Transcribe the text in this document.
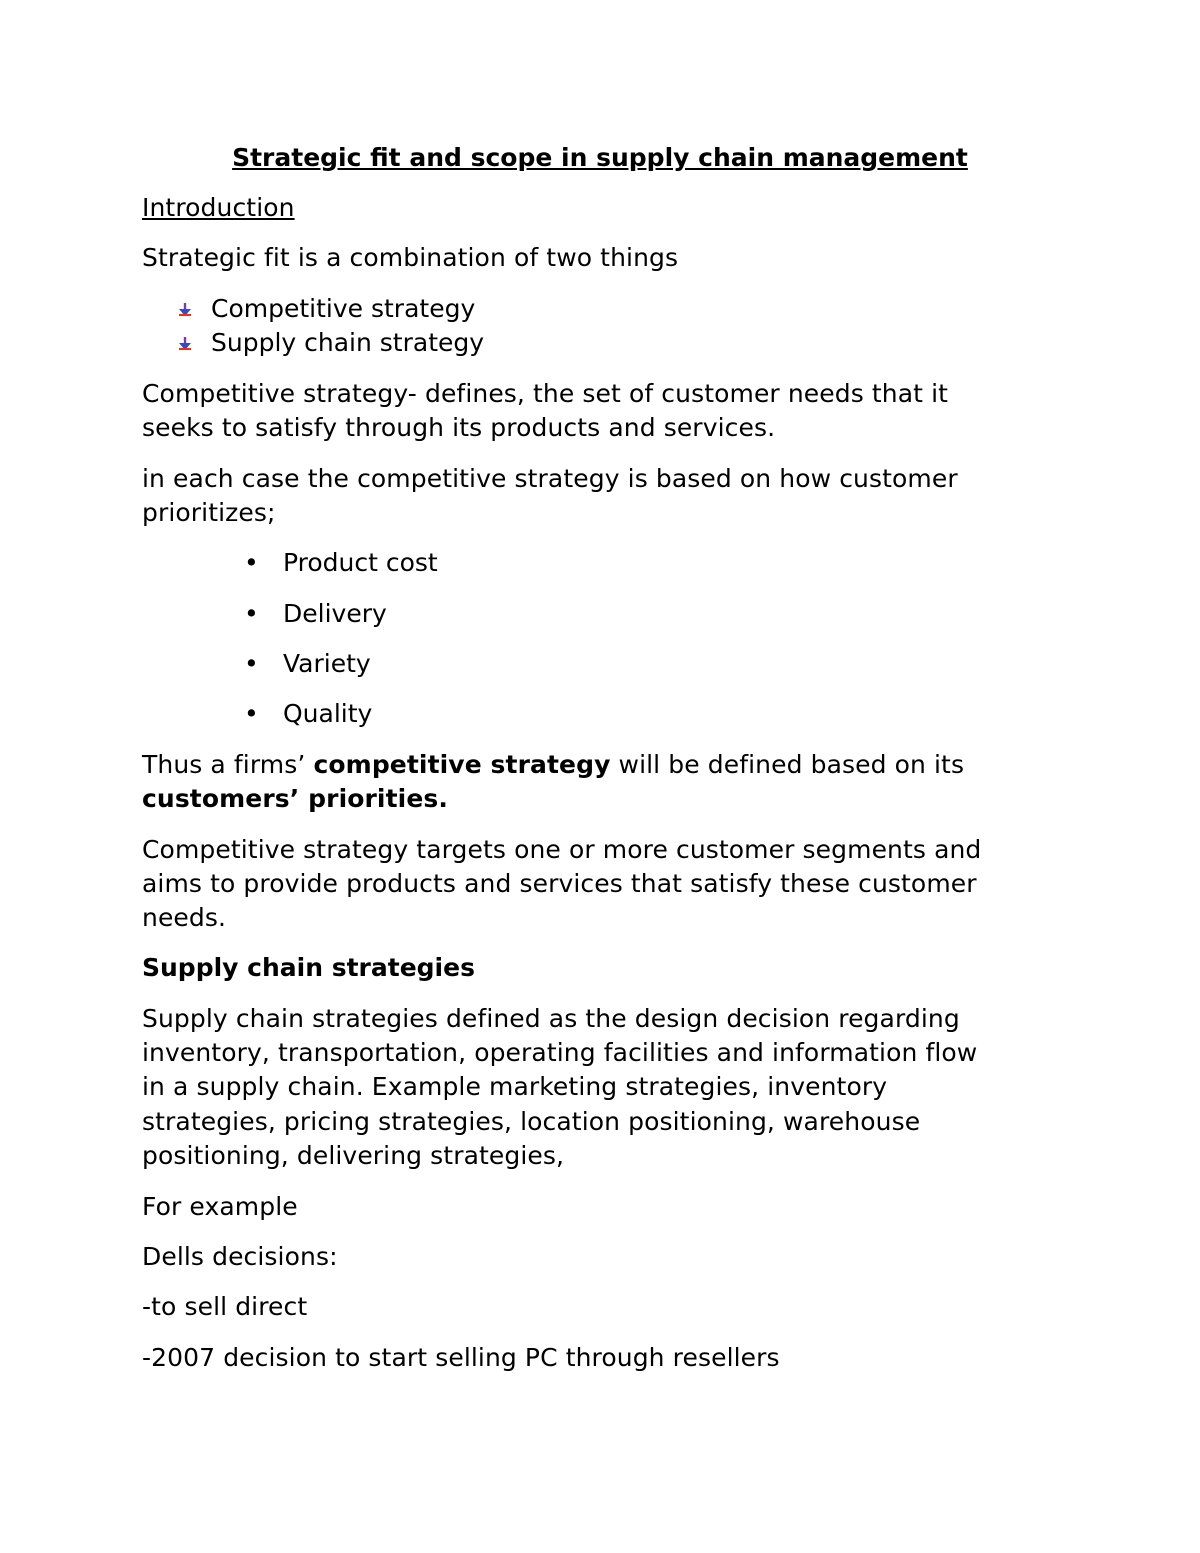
Strategic fit and scope in supply chain management
Introduction
Strategic fit is a combination of two things
Competitive strategy
Supply chain strategy
Competitive strategy- defines, the set of customer needs that it
seeks to satisfy through its products and services.
in each case the competitive strategy is based on how customer
prioritizes;
• Product cost
• Delivery
• Variety
• Quality
Thus a firms’ competitive strategy will be defined based on its
customers’ priorities.
Competitive strategy targets one or more customer segments and
aims to provide products and services that satisfy these customer
needs.
Supply chain strategies
Supply chain strategies defined as the design decision regarding
inventory, transportation, operating facilities and information flow
in a supply chain. Example marketing strategies, inventory
strategies, pricing strategies, location positioning, warehouse
positioning, delivering strategies,
For example
Dells decisions:
-to sell direct
-2007 decision to start selling PC through resellers
